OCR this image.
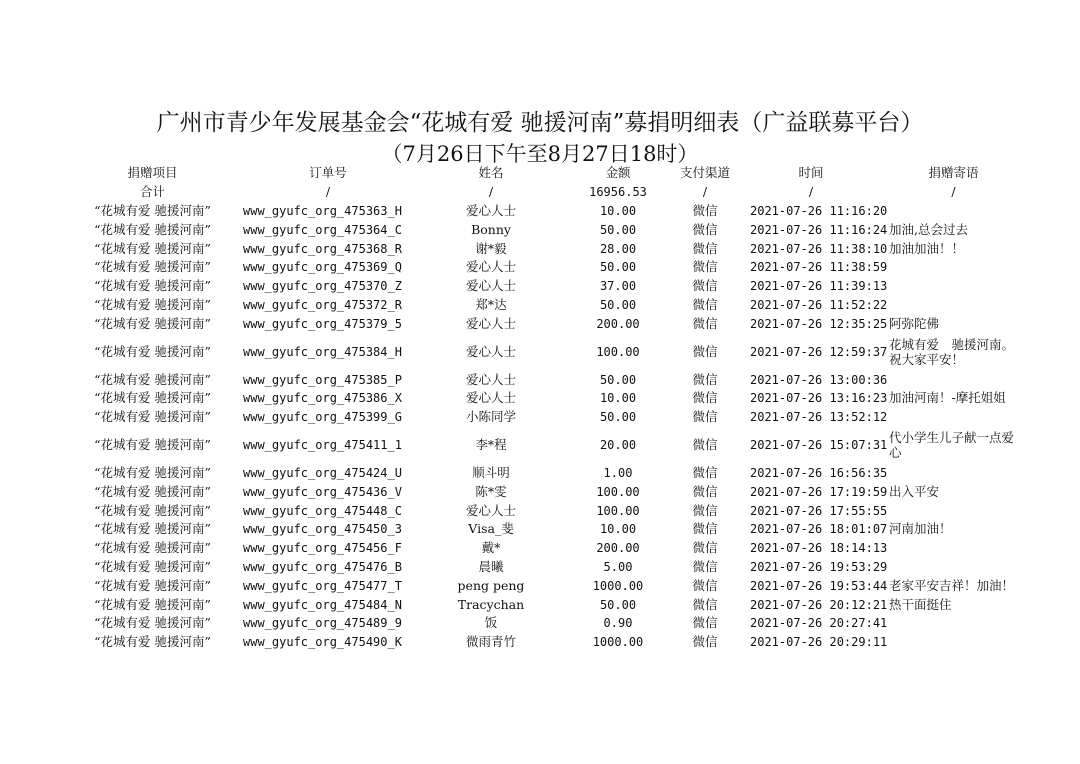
广州市青少年发展基金会“花城有爱 驰援河南”募捐明细表（广益联募平台）
（7月26日下午至8月27日18时）
捐赠项目	订单号	姓名	金额	支付渠道	时间	捐赠寄语
合计	/	/	16956.53	/	/	/
“花城有爱 驰援河南”	www_gyufc_org_475363_H	爱心人士	10.00	微信	2021-07-26 11:16:20	
“花城有爱 驰援河南”	www_gyufc_org_475364_C	Bonny	50.00	微信	2021-07-26 11:16:24	加油,总会过去
“花城有爱 驰援河南”	www_gyufc_org_475368_R	谢*毅	28.00	微信	2021-07-26 11:38:10	加油加油！！
“花城有爱 驰援河南”	www_gyufc_org_475369_Q	爱心人士	50.00	微信	2021-07-26 11:38:59	
“花城有爱 驰援河南”	www_gyufc_org_475370_Z	爱心人士	37.00	微信	2021-07-26 11:39:13	
“花城有爱 驰援河南”	www_gyufc_org_475372_R	郑*达	50.00	微信	2021-07-26 11:52:22	
“花城有爱 驰援河南”	www_gyufc_org_475379_5	爱心人士	200.00	微信	2021-07-26 12:35:25	阿弥陀佛
“花城有爱 驰援河南”	www_gyufc_org_475384_H	爱心人士	100.00	微信	2021-07-26 12:59:37	花城有爱　驰援河南。祝大家平安！
“花城有爱 驰援河南”	www_gyufc_org_475385_P	爱心人士	50.00	微信	2021-07-26 13:00:36	
“花城有爱 驰援河南”	www_gyufc_org_475386_X	爱心人士	10.00	微信	2021-07-26 13:16:23	加油河南！-摩托姐姐
“花城有爱 驰援河南”	www_gyufc_org_475399_G	小陈同学	50.00	微信	2021-07-26 13:52:12	
“花城有爱 驰援河南”	www_gyufc_org_475411_1	李*程	20.00	微信	2021-07-26 15:07:31	代小学生儿子献一点爱心
“花城有爱 驰援河南”	www_gyufc_org_475424_U	顺斗明	1.00	微信	2021-07-26 16:56:35	
“花城有爱 驰援河南”	www_gyufc_org_475436_V	陈*雯	100.00	微信	2021-07-26 17:19:59	出入平安
“花城有爱 驰援河南”	www_gyufc_org_475448_C	爱心人士	100.00	微信	2021-07-26 17:55:55	
“花城有爱 驰援河南”	www_gyufc_org_475450_3	Visa_斐	10.00	微信	2021-07-26 18:01:07	河南加油！
“花城有爱 驰援河南”	www_gyufc_org_475456_F	戴*	200.00	微信	2021-07-26 18:14:13	
“花城有爱 驰援河南”	www_gyufc_org_475476_B	晨曦	5.00	微信	2021-07-26 19:53:29	
“花城有爱 驰援河南”	www_gyufc_org_475477_T	peng peng	1000.00	微信	2021-07-26 19:53:44	老家平安吉祥！加油！
“花城有爱 驰援河南”	www_gyufc_org_475484_N	Tracychan	50.00	微信	2021-07-26 20:12:21	热干面挺住
“花城有爱 驰援河南”	www_gyufc_org_475489_9	饭	0.90	微信	2021-07-26 20:27:41	
“花城有爱 驰援河南”	www_gyufc_org_475490_K	微雨青竹	1000.00	微信	2021-07-26 20:29:11	
